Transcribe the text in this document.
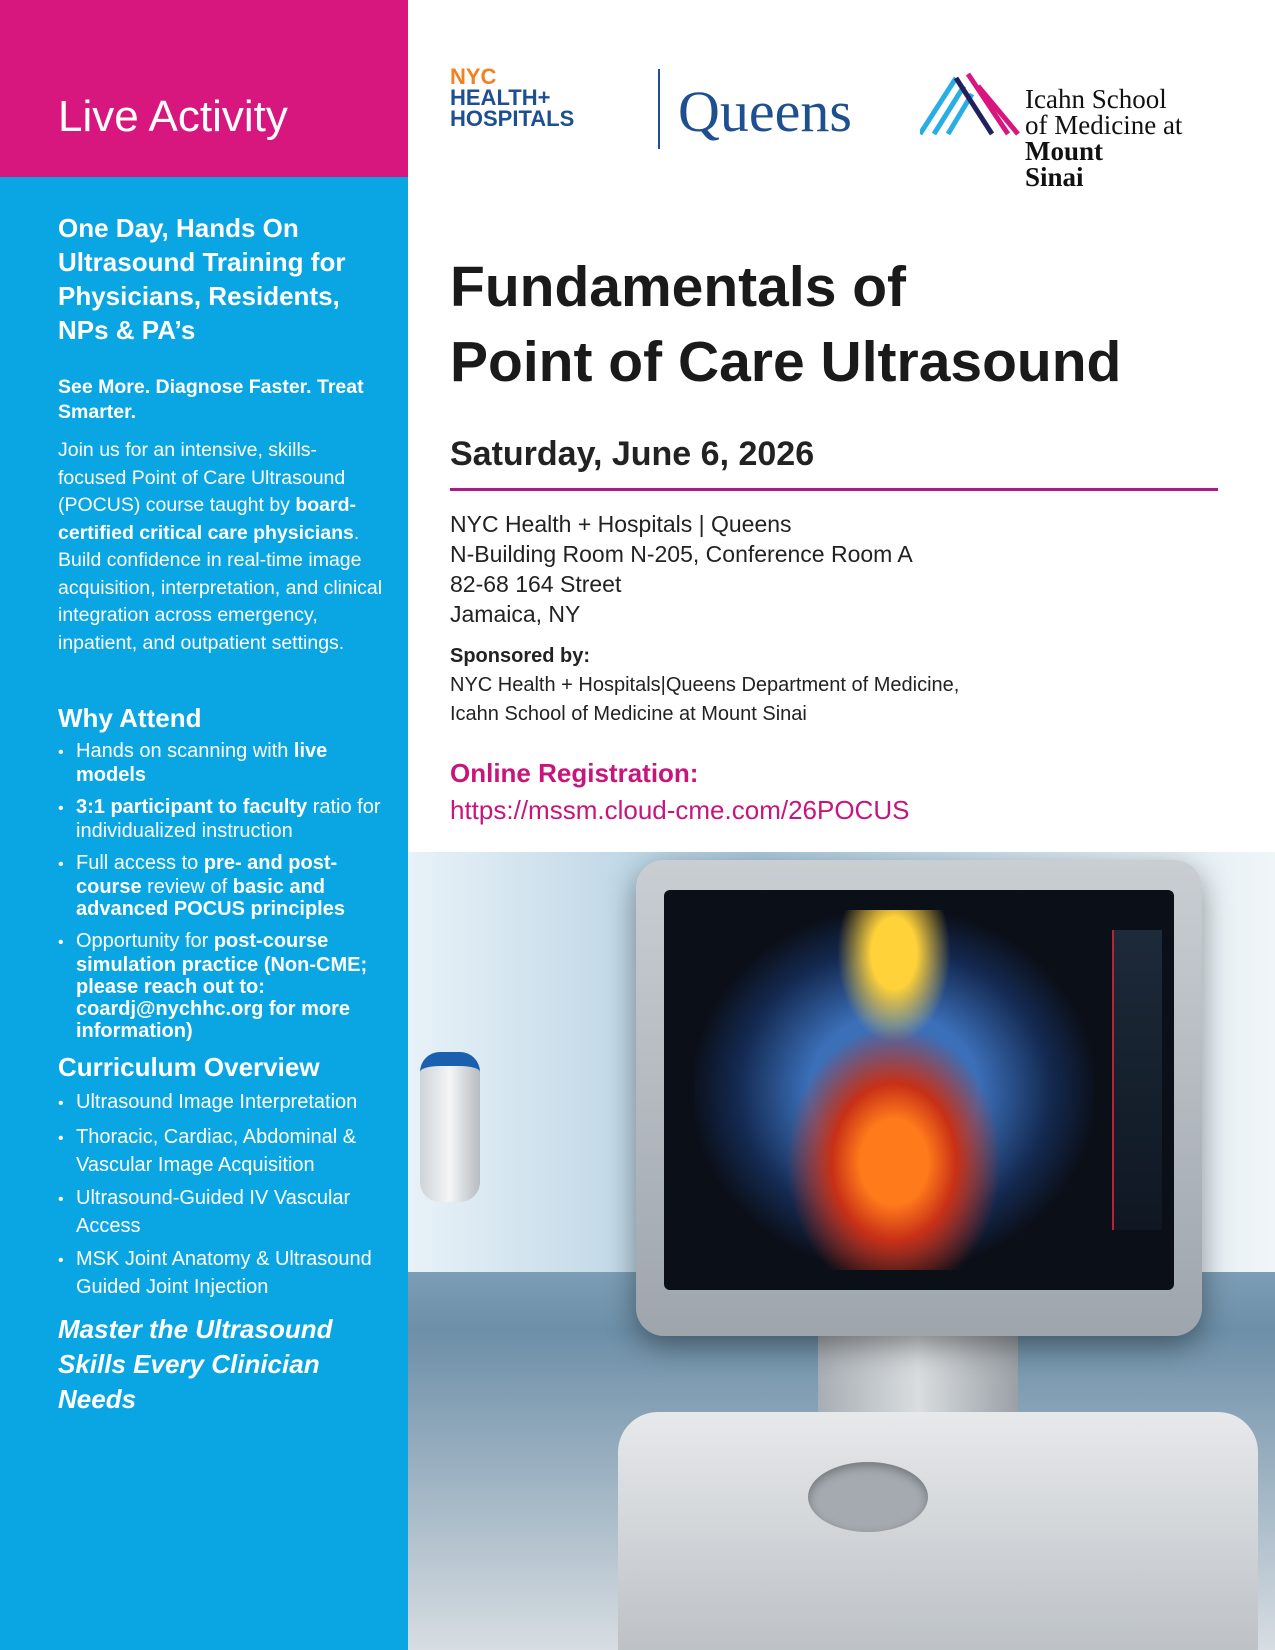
Live Activity
One Day, Hands On Ultrasound Training for Physicians, Residents, NPs & PA’s
See More. Diagnose Faster. Treat Smarter.
Join us for an intensive, skills-focused Point of Care Ultrasound (POCUS) course taught by board-certified critical care physicians. Build confidence in real-time image acquisition, interpretation, and clinical integration across emergency, inpatient, and outpatient settings.
Why Attend
• Hands on scanning with live models
• 3:1 participant to faculty ratio for individualized instruction
• Full access to pre- and post-course review of basic and advanced POCUS principles
• Opportunity for post-course simulation practice (Non-CME; please reach out to: coardj@nychhc.org for more information)
Curriculum Overview
• Ultrasound Image Interpretation
• Thoracic, Cardiac, Abdominal & Vascular Image Acquisition
• Ultrasound-Guided IV Vascular Access
• MSK Joint Anatomy & Ultrasound Guided Joint Injection
Master the Ultrasound Skills Every Clinician Needs
NYC
HEALTH+
HOSPITALS Queens	Icahn School
of Medicine at
Mount
Sinai
Fundamentals of
Point of Care Ultrasound
Saturday, June 6, 2026
NYC Health + Hospitals | Queens
N-Building Room N-205, Conference Room A
82-68 164 Street
Jamaica, NY
Sponsored by:
NYC Health + Hospitals|Queens Department of Medicine,
Icahn School of Medicine at Mount Sinai
Online Registration:
https://mssm.cloud-cme.com/26POCUS
